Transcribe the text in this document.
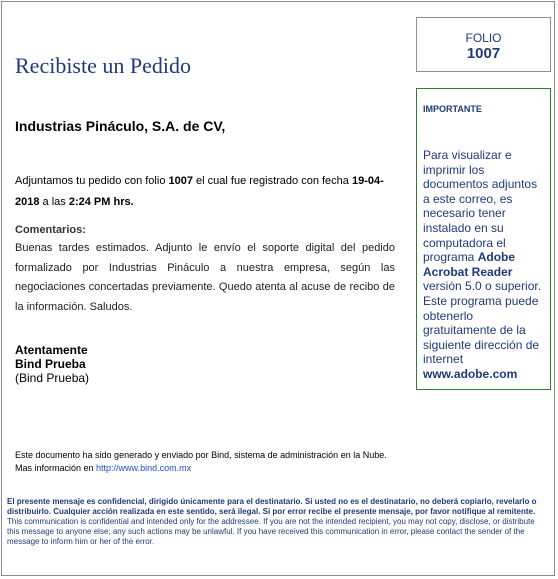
Recibiste un Pedido
FOLIO
1007

Industrias Pináculo, S.A. de CV,

Adjuntamos tu pedido con folio 1007 el cual fue registrado con fecha 19-04-2018 a las 2:24 PM hrs.
Comentarios:
Buenas tardes estimados. Adjunto le envío el soporte digital del pedido formalizado por Industrias Pináculo a nuestra empresa, según las negociaciones concertadas previamente. Quedo atenta al acuse de recibo de la información. Saludos.
Atentamente
Bind Prueba
(Bind Prueba)
IMPORTANTE
Para visualizar e imprimir los documentos adjuntos a este correo, es necesario tener instalado en su computadora el programa Adobe Acrobat Reader versión 5.0 o superior. Este programa puede obtenerlo gratuitamente de la siguiente dirección de internet
www.adobe.com
Este documento ha sido generado y enviado por Bind, sistema de administración en la Nube. Mas información en http://www.bind.com.mx
El presente mensaje es confidencial, dirigido únicamente para el destinatario. Si usted no es el destinatario, no deberá copiarlo, revelarlo o distribuirlo. Cualquier acción realizada en este sentido, será ilegal. Si por error recibe el presente mensaje, por favor notifique al remitente.
This communication is confidential and intended only for the addressee. If you are not the intended recipient, you may not copy, disclose, or distribute this message to anyone else; any such actions may be unlawful. If you have received this communication in error, please contact the sender of the message to inform him or her of the error.
